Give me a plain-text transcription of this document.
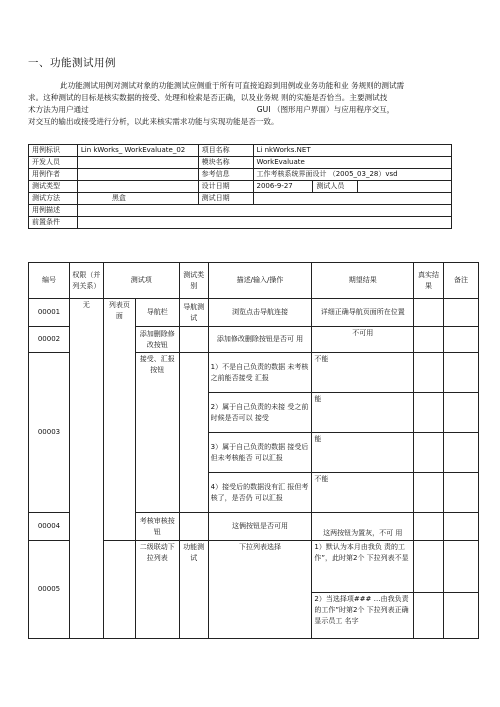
一、功能测试用例

此功能测试用例对测试对象的功能测试应侧重于所有可直接追踪到用例或业务功能和业 务规则的测试需

求。这种测试的目标是核实数据的接受、处理和检索是否正确，以及业务规 则的实施是否恰当。主要测试技

术方法为用户通过	GUI （图形用户界面）与应用程序交互，

对交互的输出或接受进行分析，以此来核实需求功能与实现功能是否一致。

用例标识	Lin kWorks_ WorkEvaluate_02	项目名称	Li nkWorks.NET		
开发人员		模块名称	WorkEvaluate		
用例作者		参考信息	工作考核系统界面设计 （2005_03_28）vsd		
测试类型		设计日期	2006-9-27	测试人员	
测试方法	黑盒	测试日期			
用例描述					
前置条件					
编号	权限（并列关系）	测试项		测试类别	描述/输入/操作	期望结果	真实结果	备注
00001	无	列表页面	导航栏	导航测试	浏览点击导航连接	详细正确导航页面所在位置		
00002			添加删除修改按钮		添加修改删除按钮是否可 用	不可用		
00003			接受、汇报按钮		1）不是自己负责的数据 未考核之前能否接受 汇报	不能		
					2）属于自己负责的未接 受之前时候是否可以 接受	能		
					3）属于自己负责的数据 接受后但未考核能否 可以汇报	能		
					4）接受后的数据没有汇 报但考核了，是否仍 可以汇报	不能		
00004			考核审核按钮		这俩按钮是否可用	这两按钮为置灰，不可 用		
00005			二级联动下拉列表	功能测试	下拉列表选择	1）默认为本月由我负 责的工作”，此时第2个 下拉列表不显		
						2）当选择项### …由我负责的工作”时第2个 下拉列表正确显示员工 名字		
